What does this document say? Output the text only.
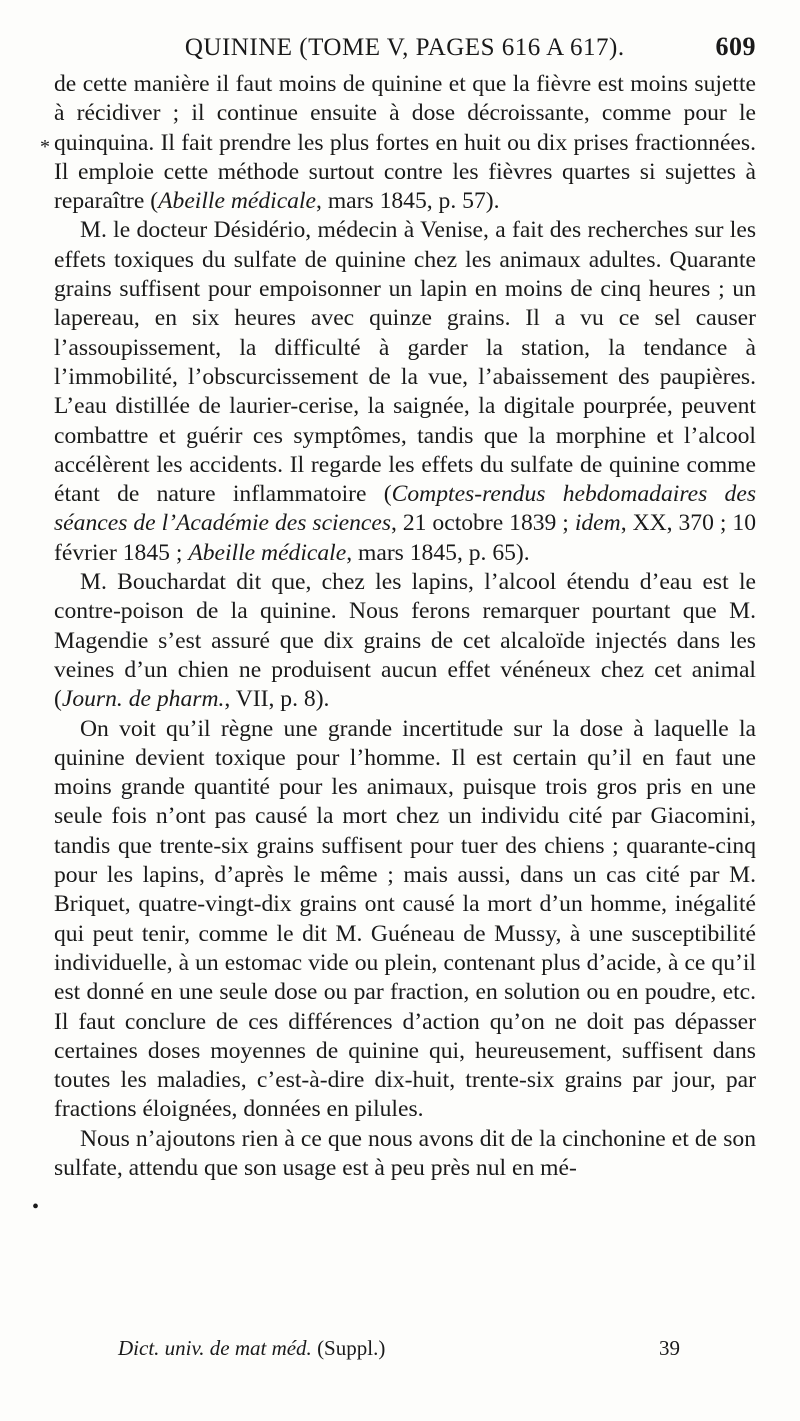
QUININE (TOME V, PAGES 616 A 617).	609

de cette manière il faut moins de quinine et que la fièvre est moins sujette à récidiver ; il continue ensuite à dose décroissante, comme pour le quinquina. Il fait prendre les plus fortes en huit ou dix prises fractionnées. Il emploie cette méthode surtout contre les fièvres quartes si sujettes à reparaître (Abeille médicale, mars 1845, p. 57).

M. le docteur Désidério, médecin à Venise, a fait des recherches sur les effets toxiques du sulfate de quinine chez les animaux adultes. Quarante grains suffisent pour empoisonner un lapin en moins de cinq heures ; un lapereau, en six heures avec quinze grains. Il a vu ce sel causer l’assoupissement, la difficulté à garder la station, la tendance à l’immobilité, l’obscurcissement de la vue, l’abaissement des paupières. L’eau distillée de laurier-cerise, la saignée, la digitale pourprée, peuvent combattre et guérir ces symptômes, tandis que la morphine et l’alcool accélèrent les accidents. Il regarde les effets du sulfate de quinine comme étant de nature inflammatoire (Comptes-rendus hebdomadaires des séances de l’Académie des sciences, 21 octobre 1839 ; idem, XX, 370 ; 10 février 1845 ; Abeille médicale, mars 1845, p. 65).

M. Bouchardat dit que, chez les lapins, l’alcool étendu d’eau est le contre-poison de la quinine. Nous ferons remarquer pourtant que M. Magendie s’est assuré que dix grains de cet alcaloïde injectés dans les veines d’un chien ne produisent aucun effet vénéneux chez cet animal (Journ. de pharm., VII, p. 8).

On voit qu’il règne une grande incertitude sur la dose à laquelle la quinine devient toxique pour l’homme. Il est certain qu’il en faut une moins grande quantité pour les animaux, puisque trois gros pris en une seule fois n’ont pas causé la mort chez un individu cité par Giacomini, tandis que trente-six grains suffisent pour tuer des chiens ; quarante-cinq pour les lapins, d’après le même ; mais aussi, dans un cas cité par M. Briquet, quatre-vingt-dix grains ont causé la mort d’un homme, inégalité qui peut tenir, comme le dit M. Guéneau de Mussy, à une susceptibilité individuelle, à un estomac vide ou plein, contenant plus d’acide, à ce qu’il est donné en une seule dose ou par fraction, en solution ou en poudre, etc. Il faut conclure de ces différences d’action qu’on ne doit pas dépasser certaines doses moyennes de quinine qui, heureusement, suffisent dans toutes les maladies, c’est-à-dire dix-huit, trente-six grains par jour, par fractions éloignées, données en pilules.

Nous n’ajoutons rien à ce que nous avons dit de la cinchonine et de son sulfate, attendu que son usage est à peu près nul en mé-

*
•
Dict. univ. de mat méd. (Suppl.)	39
